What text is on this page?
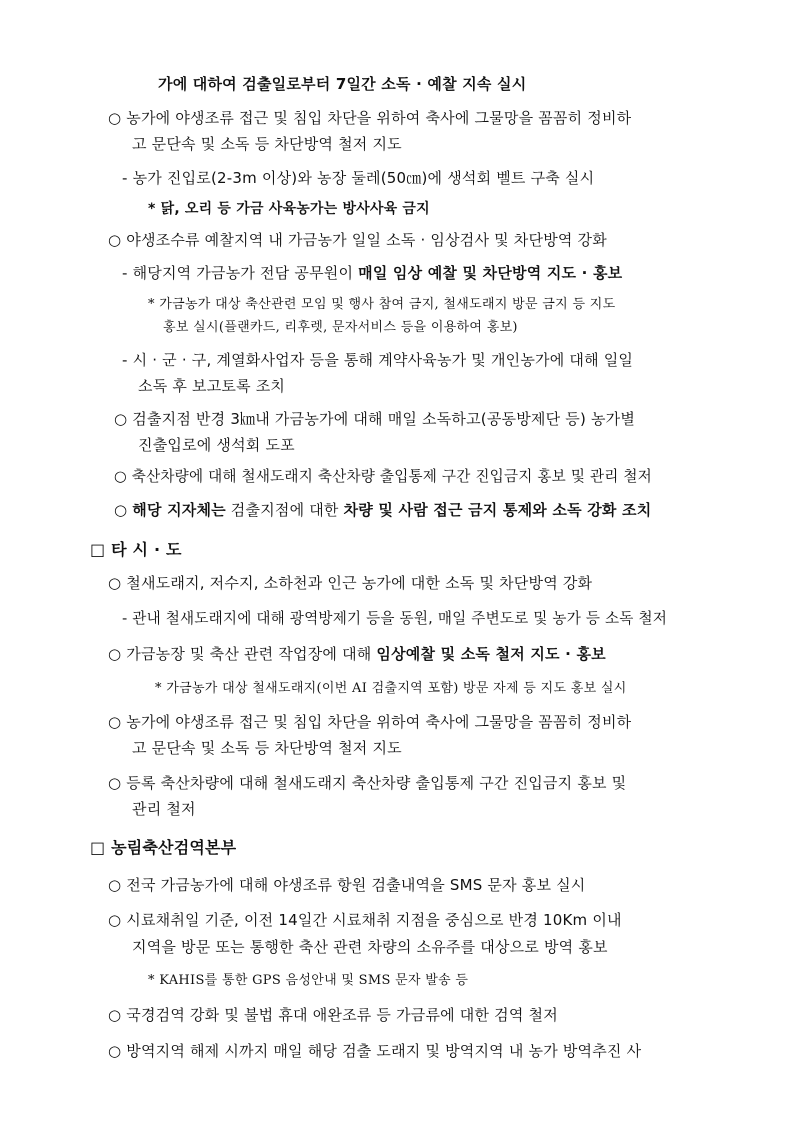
가에 대하여 검출일로부터 7일간 소독 · 예찰 지속 실시
○ 농가에 야생조류 접근 및 침입 차단을 위하여 축사에 그물망을 꼼꼼히 정비하
고 문단속 및 소독 등 차단방역 철저 지도
- 농가 진입로(2-3m 이상)와 농장 둘레(50㎝)에 생석회 벨트 구축 실시
* 닭, 오리 등 가금 사육농가는 방사사육 금지
○ 야생조수류 예찰지역 내 가금농가 일일 소독 · 임상검사 및 차단방역 강화
- 해당지역 가금농가 전담 공무원이 매일 임상 예찰 및 차단방역 지도 · 홍보
* 가금농가 대상 축산관련 모임 및 행사 참여 금지, 철새도래지 방문 금지 등 지도
홍보 실시(플랜카드, 리후렛, 문자서비스 등을 이용하여 홍보)
- 시 · 군 · 구, 계열화사업자 등을 통해 계약사육농가 및 개인농가에 대해 일일
소독 후 보고토록 조치
○ 검출지점 반경 3㎞내 가금농가에 대해 매일 소독하고(공동방제단 등) 농가별
진출입로에 생석회 도포
○ 축산차량에 대해 철새도래지 축산차량 출입통제 구간 진입금지 홍보 및 관리 철저
○ 해당 지자체는 검출지점에 대한 차량 및 사람 접근 금지 통제와 소독 강화 조치
□ 타 시 · 도
○ 철새도래지, 저수지, 소하천과 인근 농가에 대한 소독 및 차단방역 강화
- 관내 철새도래지에 대해 광역방제기 등을 동원, 매일 주변도로 및 농가 등 소독 철저
○ 가금농장 및 축산 관련 작업장에 대해 임상예찰 및 소독 철저 지도 · 홍보
* 가금농가 대상 철새도래지(이번 AI 검출지역 포함) 방문 자제 등 지도 홍보 실시
○ 농가에 야생조류 접근 및 침입 차단을 위하여 축사에 그물망을 꼼꼼히 정비하
고 문단속 및 소독 등 차단방역 철저 지도
○ 등록 축산차량에 대해 철새도래지 축산차량 출입통제 구간 진입금지 홍보 및
관리 철저
□ 농림축산검역본부
○ 전국 가금농가에 대해 야생조류 항원 검출내역을 SMS 문자 홍보 실시
○ 시료채취일 기준, 이전 14일간 시료채취 지점을 중심으로 반경 10Km 이내
지역을 방문 또는 통행한 축산 관련 차량의 소유주를 대상으로 방역 홍보
* KAHIS를 통한 GPS 음성안내 및 SMS 문자 발송 등
○ 국경검역 강화 및 불법 휴대 애완조류 등 가금류에 대한 검역 철저
○ 방역지역 해제 시까지 매일 해당 검출 도래지 및 방역지역 내 농가 방역추진 사
